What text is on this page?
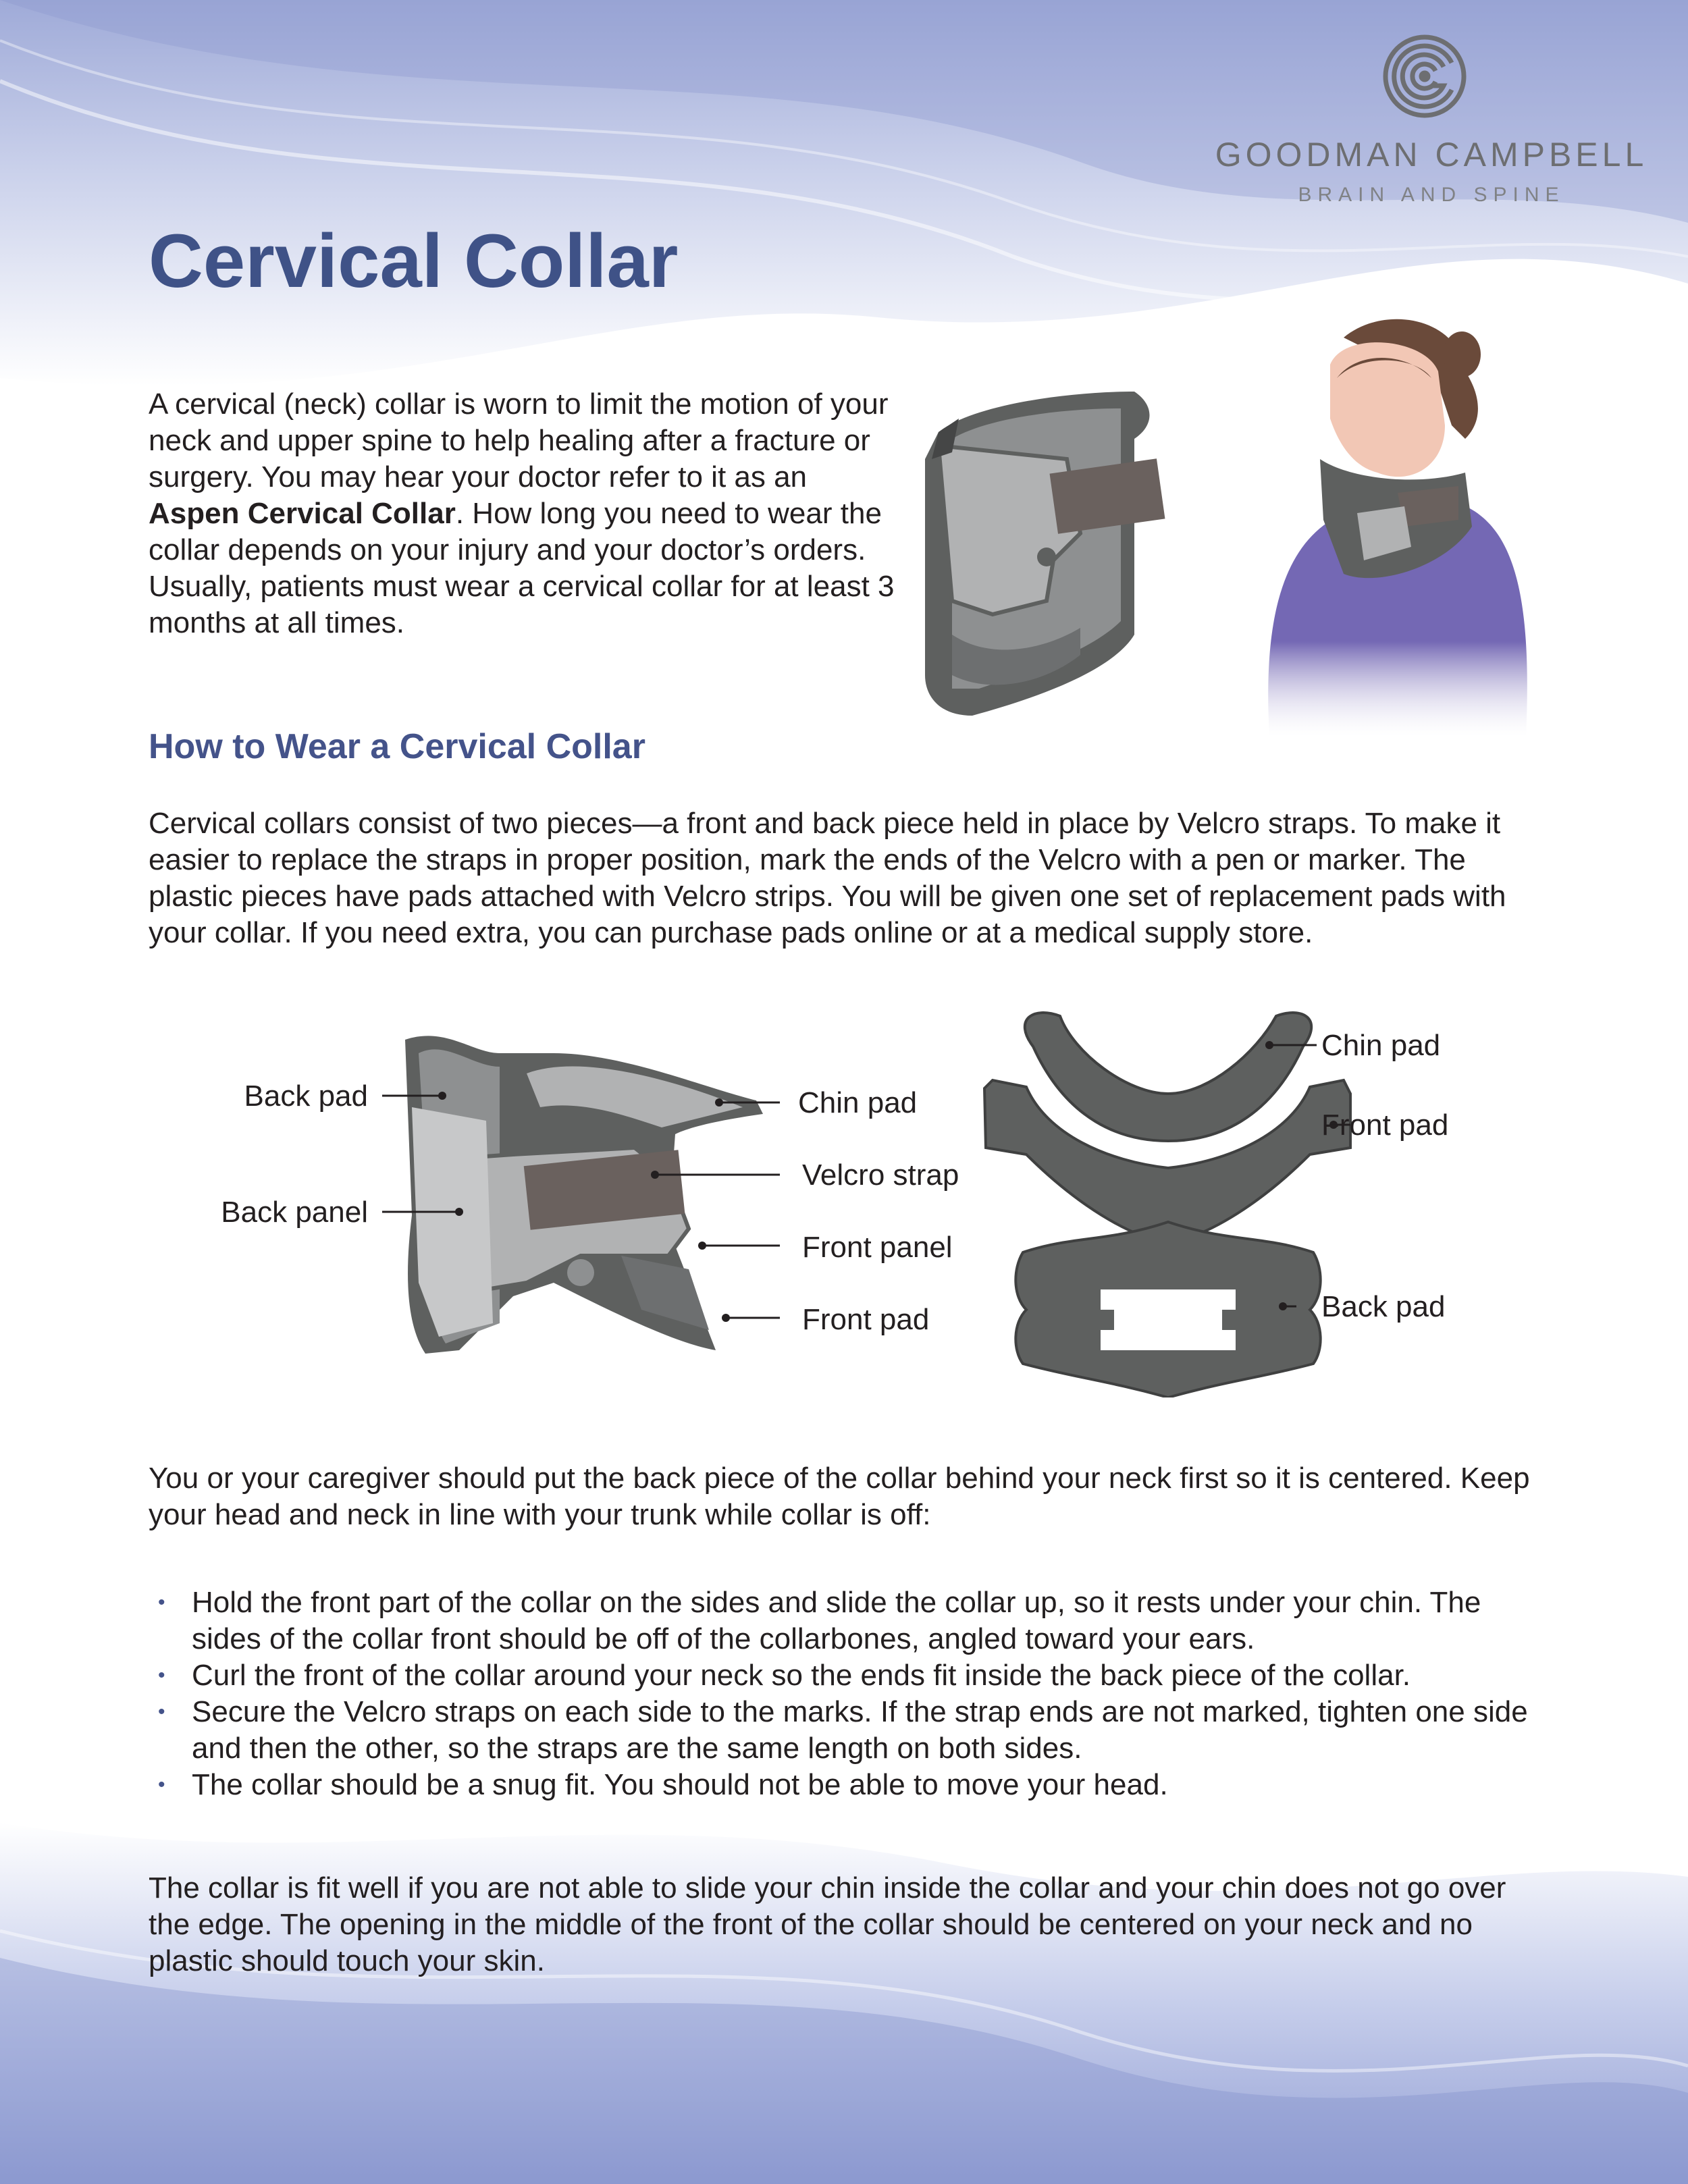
GOODMAN CAMPBELL
BRAIN AND SPINE
Cervical Collar

A cervical (neck) collar is worn to limit the motion of your neck and upper spine to help healing after a fracture or surgery. You may hear your doctor refer to it as an Aspen Cervical Collar. How long you need to wear the collar depends on your injury and your doctor’s orders. Usually, patients must wear a cervical collar for at least 3 months at all times.

How to Wear a Cervical Collar

Cervical collars consist of two pieces—a front and back piece held in place by Velcro straps. To make it easier to replace the straps in proper position, mark the ends of the Velcro with a pen or marker. The plastic pieces have pads attached with Velcro strips. You will be given one set of replacement pads with your collar. If you need extra, you can purchase pads online or at a medical supply store.

Back pad
Back panel
Chin pad
Velcro strap
Front panel
Front pad
Chin pad
Front pad
Back pad

You or your caregiver should put the back piece of the collar behind your neck first so it is centered. Keep your head and neck in line with your trunk while collar is off:

• Hold the front part of the collar on the sides and slide the collar up, so it rests under your chin. The sides of the collar front should be off of the collarbones, angled toward your ears.
• Curl the front of the collar around your neck so the ends fit inside the back piece of the collar.
• Secure the Velcro straps on each side to the marks. If the strap ends are not marked, tighten one side and then the other, so the straps are the same length on both sides.
• The collar should be a snug fit. You should not be able to move your head.

The collar is fit well if you are not able to slide your chin inside the collar and your chin does not go over the edge. The opening in the middle of the front of the collar should be centered on your neck and no plastic should touch your skin.
